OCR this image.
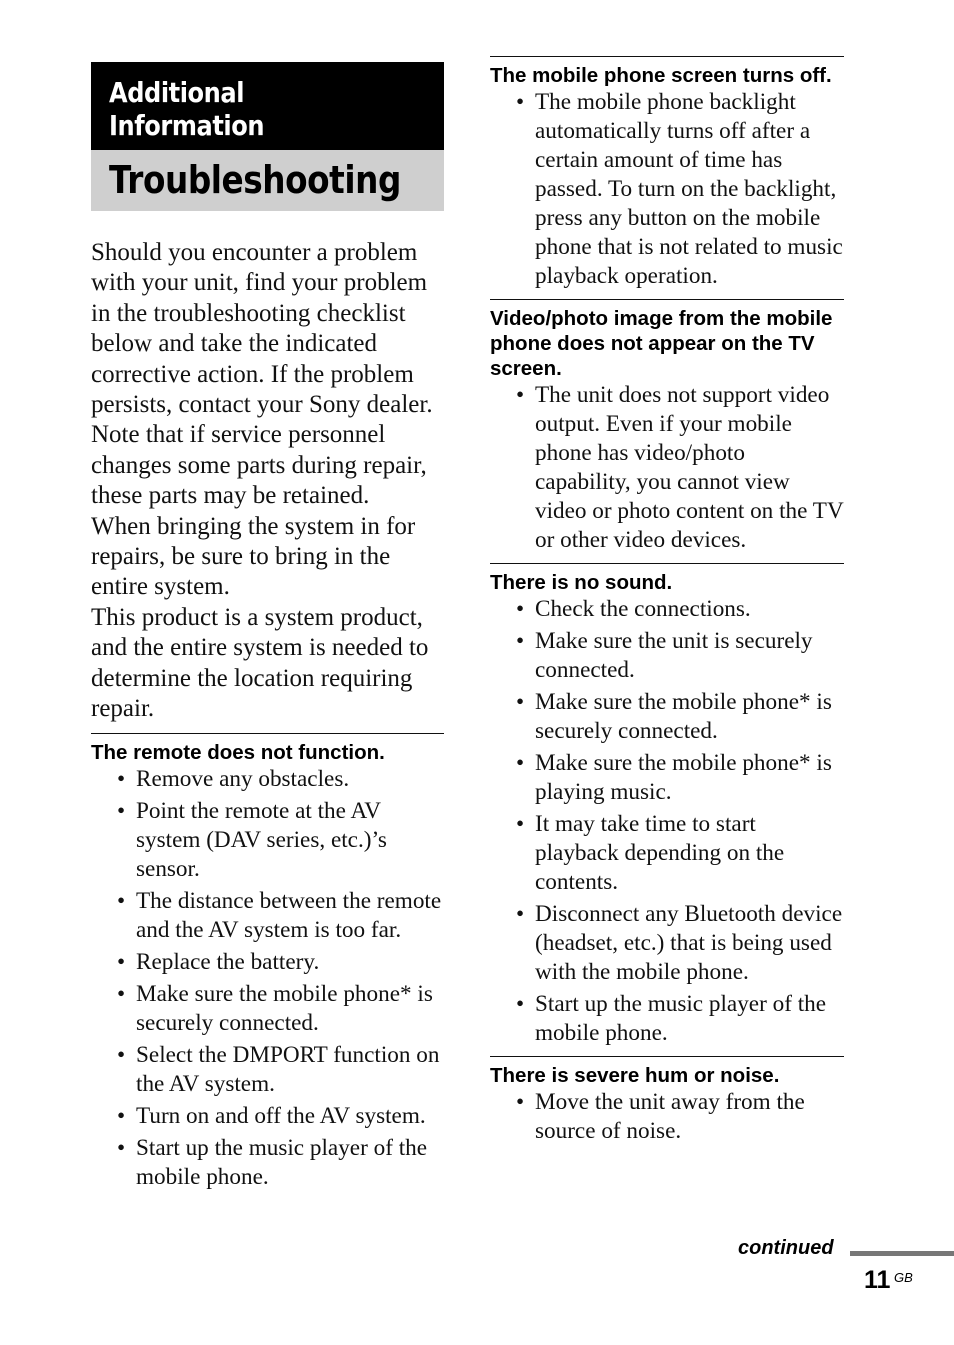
Additional Information
Troubleshooting

Should you encounter a problem with your unit, find your problem in the troubleshooting checklist below and take the indicated corrective action. If the problem persists, contact your Sony dealer.

Note that if service personnel changes some parts during repair, these parts may be retained.

When bringing the system in for repairs, be sure to bring in the entire system.

This product is a system product, and the entire system is needed to determine the location requiring repair.

The remote does not function.
• Remove any obstacles.
• Point the remote at the AV system (DAV series, etc.)’s sensor.
• The distance between the remote and the AV system is too far.
• Replace the battery.
• Make sure the mobile phone* is securely connected.
• Select the DMPORT function on the AV system.
• Turn on and off the AV system.
• Start up the music player of the mobile phone.
The mobile phone screen turns off.
• The mobile phone backlight automatically turns off after a certain amount of time has passed. To turn on the backlight, press any button on the mobile phone that is not related to music playback operation.
Video/photo image from the mobile phone does not appear on the TV screen.
• The unit does not support video output. Even if your mobile phone has video/photo capability, you cannot view video or photo content on the TV or other video devices.
There is no sound.
• Check the connections.
• Make sure the unit is securely connected.
• Make sure the mobile phone* is securely connected.
• Make sure the mobile phone* is playing music.
• It may take time to start playback depending on the contents.
• Disconnect any Bluetooth device (headset, etc.) that is being used with the mobile phone.
• Start up the music player of the mobile phone.
There is severe hum or noise.
• Move the unit away from the source of noise.
continued
11 GB
